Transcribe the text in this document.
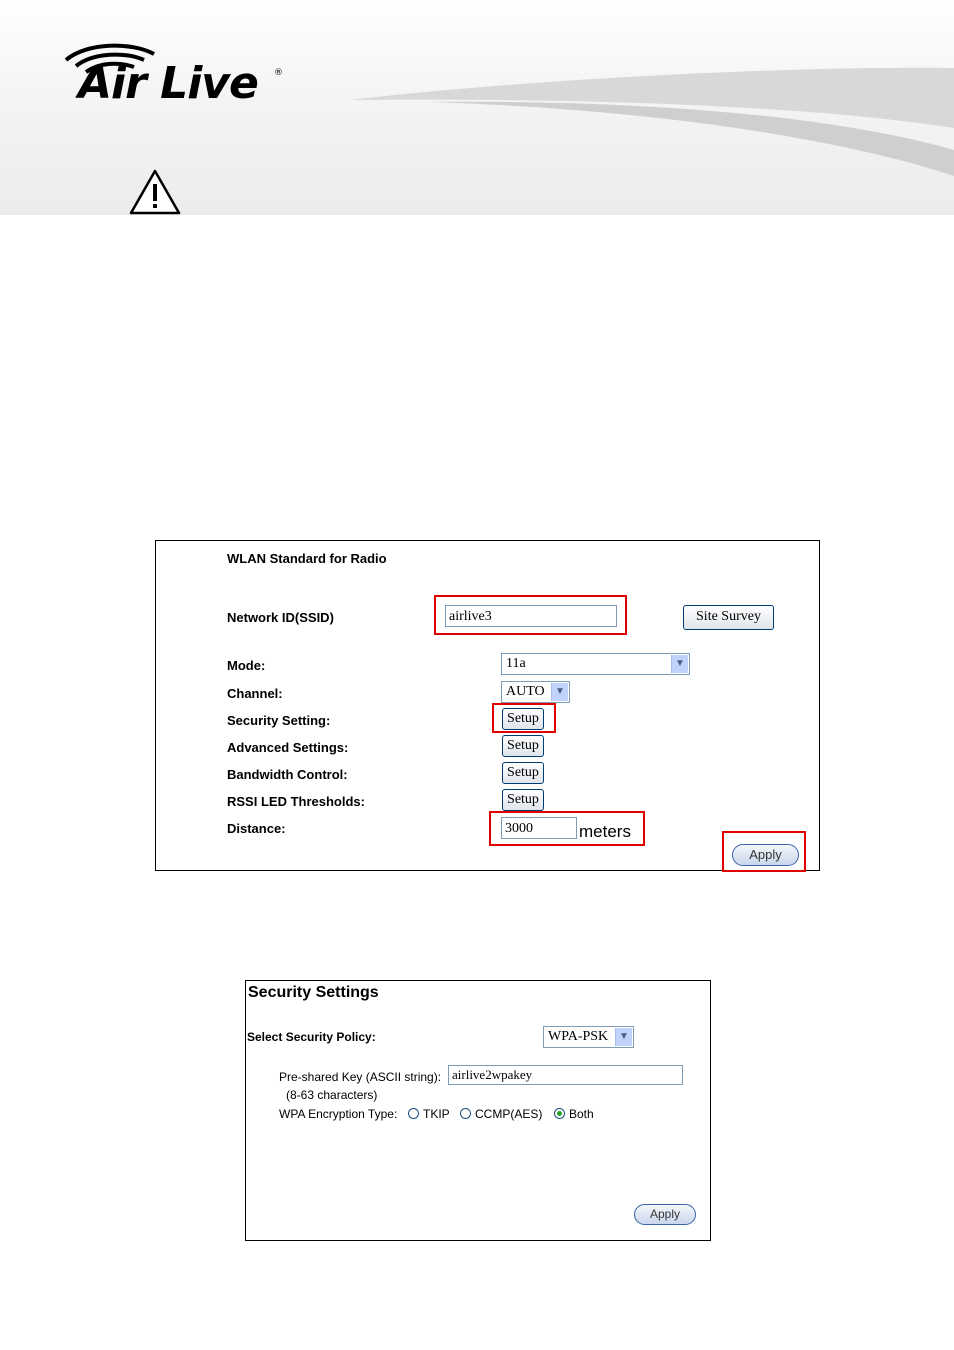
Air Live ®
WLAN Standard for Radio
Network ID(SSID)	airlive3	Site Survey
Mode:	11a	▼
Channel:	AUTO	▼
Security Setting:	Setup
Advanced Settings:	Setup
Bandwidth Control:	Setup
RSSI LED Thresholds:	Setup
Distance:	3000	meters
Apply
Security Settings
Select Security Policy:	WPA-PSK	▼
Pre-shared Key (ASCII string): airlive2wpakey
(8-63 characters)
WPA Encryption Type: TKIP CCMP(AES) Both
Apply
